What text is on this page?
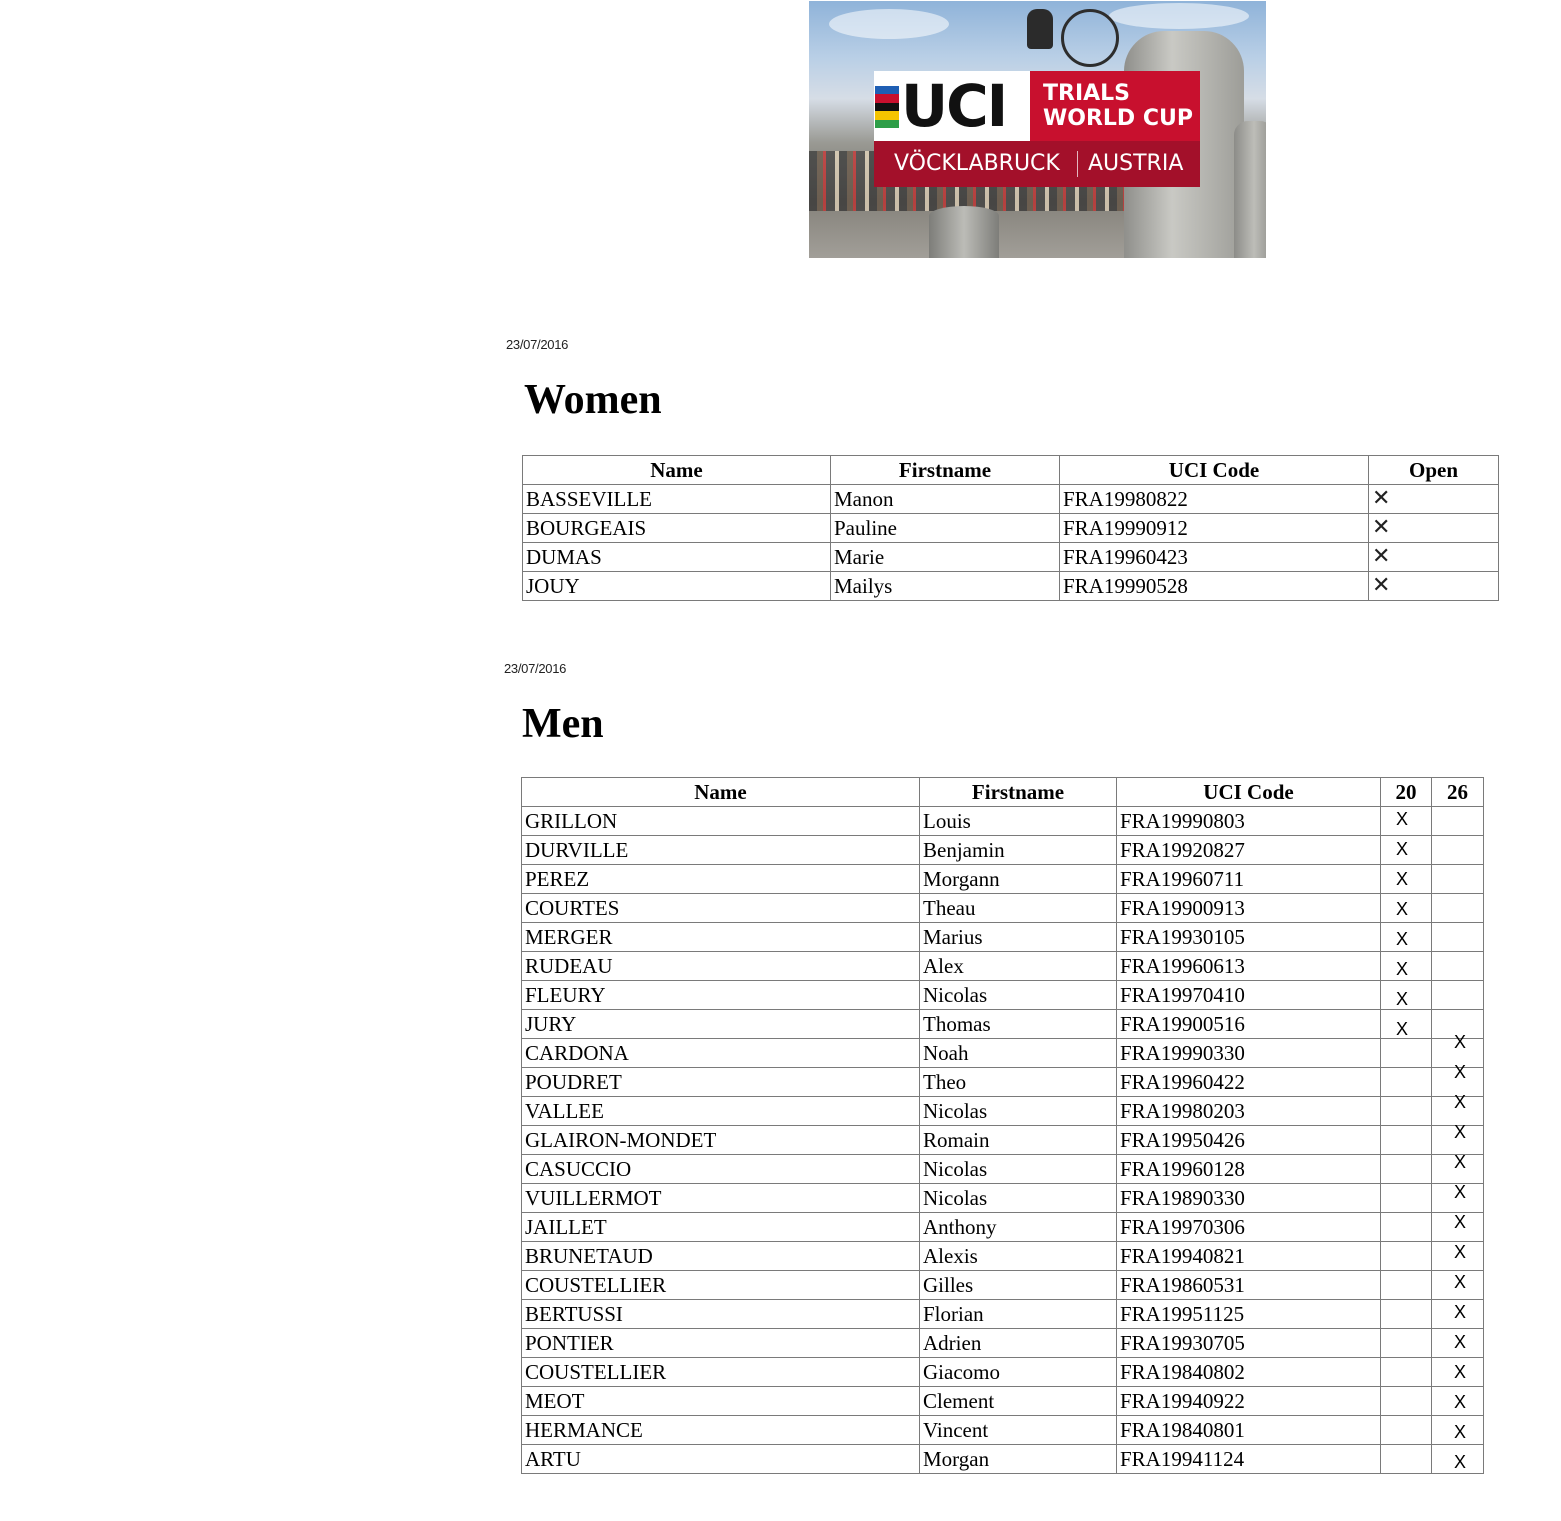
UCI	TRIALS
WORLD CUP
VÖCKLABRUCK AUSTRIA
23/07/2016
Women
Name	Firstname	UCI Code	Open
BASSEVILLE	Manon	FRA19980822	✕

BOURGEAIS	Pauline	FRA19990912	✕

DUMAS	Marie	FRA19960423	✕

JOUY	Mailys	FRA19990528	✕
23/07/2016
Men
Name	Firstname	UCI Code	20	26
GRILLON	Louis	FRA19990803	X	

DURVILLE	Benjamin	FRA19920827	X	

PEREZ	Morgann	FRA19960711	X	

COURTES	Theau	FRA19900913	X	

MERGER	Marius	FRA19930105	X	

RUDEAU	Alex	FRA19960613	X	

FLEURY	Nicolas	FRA19970410	X	

JURY	Thomas	FRA19900516	X	

CARDONA	Noah	FRA19990330		X

POUDRET	Theo	FRA19960422		X

VALLEE	Nicolas	FRA19980203		X

GLAIRON-MONDET	Romain	FRA19950426		X

CASUCCIO	Nicolas	FRA19960128		X

VUILLERMOT	Nicolas	FRA19890330		X

JAILLET	Anthony	FRA19970306		X

BRUNETAUD	Alexis	FRA19940821		X

COUSTELLIER	Gilles	FRA19860531		X

BERTUSSI	Florian	FRA19951125		X

PONTIER	Adrien	FRA19930705		X

COUSTELLIER	Giacomo	FRA19840802		X

MEOT	Clement	FRA19940922		X

HERMANCE	Vincent	FRA19840801		X

ARTU	Morgan	FRA19941124		X
